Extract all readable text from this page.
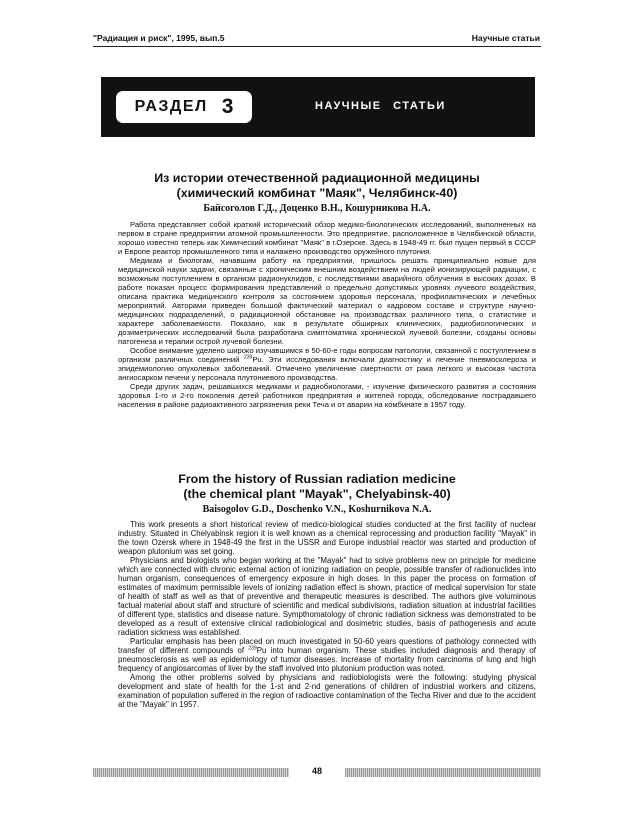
"Радиация и риск", 1995, вып.5	Научные статьи
РАЗДЕЛ 3	НАУЧНЫЕ СТАТЬИ
Из истории отечественной радиационной медицины
(химический комбинат "Маяк", Челябинск-40)
Байсоголов Г.Д., Доценко В.Н., Кошурникова Н.А.

Работа представляет собой краткий исторический обзор медико-биологических исследований, выполненных на первом в стране предприятии атомной промышленности. Это предприятие, расположенное в Челябинской области, хорошо известно теперь как Химический комбинат "Маяк" в г.Озерске. Здесь в 1948-49 гг. был пущен первый в СССР и Европе реактор промышленного типа и налажено производство оружейного плутония.

Медикам и биологам, начавшим работу на предприятии, пришлось решать принципиально новые для медицинской науки задачи, связанные с хроническим внешним воздействием на людей ионизирующей радиации, с возможным поступлением в организм радионуклидов, с последствиями аварийного облучения в высоких дозах. В работе показан процесс формирования представлений о предельно допустимых уровнях лучевого воздействия, описана практика медицинского контроля за состоянием здоровья персонала, профилактических и лечебных мероприятий. Авторами приведен большой фактический материал о кадровом составе и структуре научно-медицинских подразделений, о радиационной обстановке на производствах различного типа, о статистике и характере заболеваемости. Показано, как в результате обширных клинических, радиобиологических и дозиметрических исследований была разработана симптоматика хронической лучевой болезни, созданы основы патогенеза и терапии острой лучевой болезни.

Особое внимание уделено широко изучавшимся в 50-60-е годы вопросам патологии, связанной с поступлением в организм различных соединений $^{239}$Pu. Эти исследования включали диагностику и лечение пневмосклероза и эпидемиологию опухолевых заболеваний. Отмечено увеличение смертности от рака легкого и высокая частота ангиосарком печени у персонала плутониевого производства.

Среди других задач, решавшихся медиками и радиобиологами, - изучение физического развития и состояния здоровья 1-го и 2-го поколения детей работников предприятия и жителей города, обследование пострадавшего населения в районе радиоактивного загрязнения реки Теча и от аварии на комбинате в 1957 году.

From the history of Russian radiation medicine
(the chemical plant "Mayak", Chelyabinsk-40)
Baisogolov G.D., Doschenko V.N., Koshurnikova N.A.

This work presents a short historical review of medico-biological studies conducted at the first facility of nuclear industry. Situated in Chelyabinsk region it is well known as a chemical reprocessing and production facility "Mayak" in the town Ozersk where in 1948-49 the first in the USSR and Europe industrial reactor was started and production of weapon plutonium was set going.

Physicians and biologists who began working at the "Mayak" had to solve problems new on principle for medicine which are connected with chronic external action of ionizing radiation on people, possible transfer of radionuclides into human organism, consequences of emergency exposure in high doses. In this paper the process on formation of estimates of maximum permissible levels of ionizing radiation effect is shown, practice of medical supervision for state of health of staff as well as that of preventive and therapeutic measures is described. The authors give voluminous factual material about staff and structure of scientific and medical subdivisions, radiation situation at industrial facilities of different type, statistics and disease nature. Sympthomatology of chronic radiation sickness was demonstrated to be developed as a result of extensive clinical radiobiological and dosimetric studies, basis of pathogenesis and acute radiation sickness was established.

Particular emphasis has been placed on much investigated in 50-60 years questions of pathology connected with transfer of different compounds of $^{239}$Pu into human organism. These studies included diagnosis and therapy of pneumosclerosis as well as epidemiology of tumor diseases. Increase of mortality from carcinoma of lung and high frequency of angiosarcomas of liver by the staff involved into plutonium production was noted.

Among the other problems solved by physicians and radiobiologists were the following: studying physical development and state of health for the 1-st and 2-nd generations of children of industrial workers and citizens, examination of population suffered in the region of radioactive contamination of the Techa River and due to the accident at the "Mayak" in 1957.

48
